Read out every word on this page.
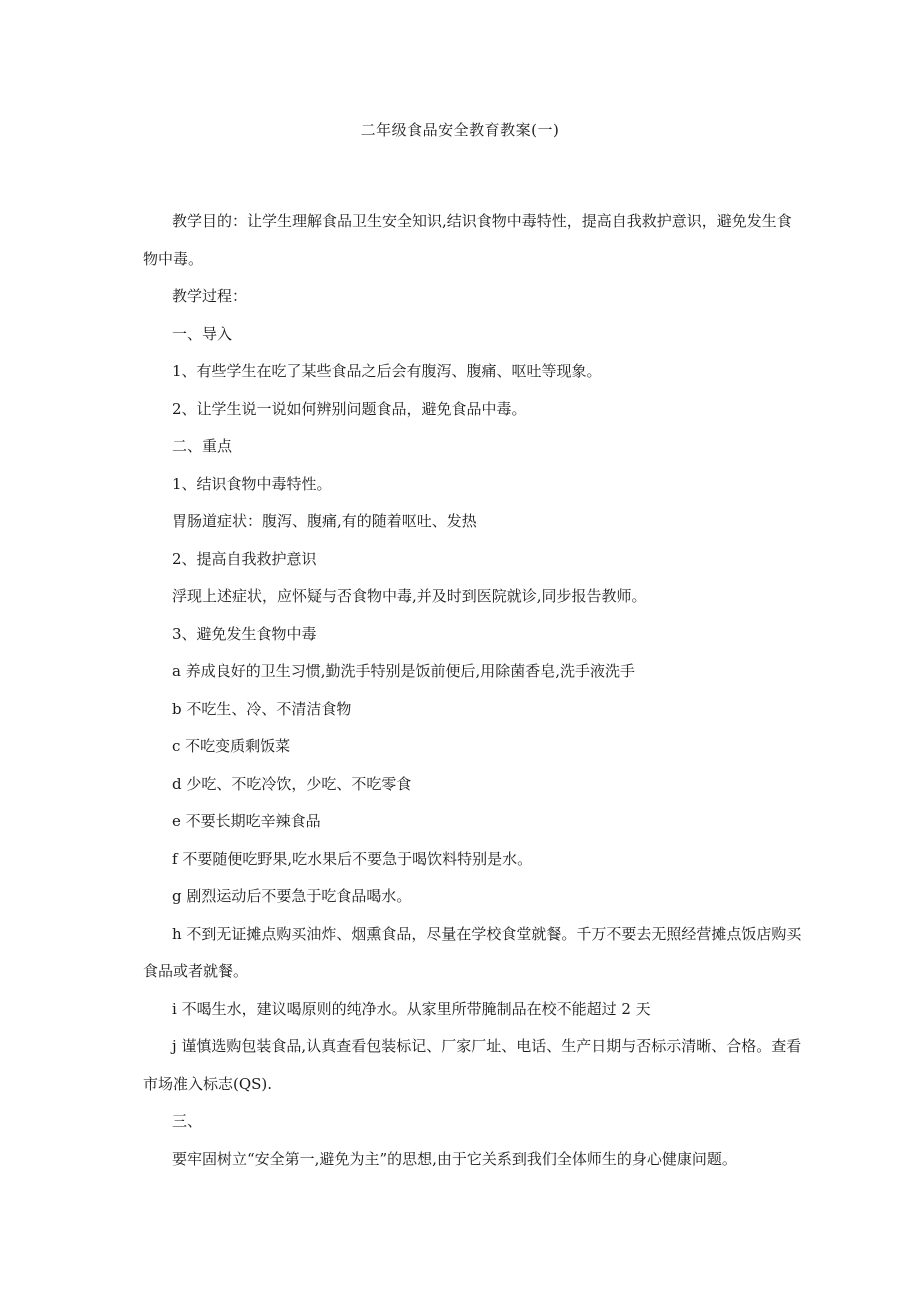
二年级食品安全教育教案(一)

教学目的：让学生理解食品卫生安全知识,结识食物中毒特性，提高自我救护意识，避免发生食物中毒。

教学过程：

一、导入

1、有些学生在吃了某些食品之后会有腹泻、腹痛、呕吐等现象。

2、让学生说一说如何辨别问题食品，避免食品中毒。

二、重点

1、结识食物中毒特性。

胃肠道症状：腹泻、腹痛,有的随着呕吐、发热

2、提高自我救护意识

浮现上述症状，应怀疑与否食物中毒,并及时到医院就诊,同步报告教师。

3、避免发生食物中毒

a 养成良好的卫生习惯,勤洗手特别是饭前便后,用除菌香皂,洗手液洗手

b 不吃生、冷、不清洁食物

c 不吃变质剩饭菜

d 少吃、不吃冷饮，少吃、不吃零食

e 不要长期吃辛辣食品

f 不要随便吃野果,吃水果后不要急于喝饮料特别是水。

g 剧烈运动后不要急于吃食品喝水。

h 不到无证摊点购买油炸、烟熏食品，尽量在学校食堂就餐。千万不要去无照经营摊点饭店购买食品或者就餐。

i 不喝生水，建议喝原则的纯净水。从家里所带腌制品在校不能超过 2 天

j 谨慎选购包装食品,认真查看包装标记、厂家厂址、电话、生产日期与否标示清晰、合格。查看市场准入标志(QS).

三、

要牢固树立“安全第一,避免为主”的思想,由于它关系到我们全体师生的身心健康问题。
